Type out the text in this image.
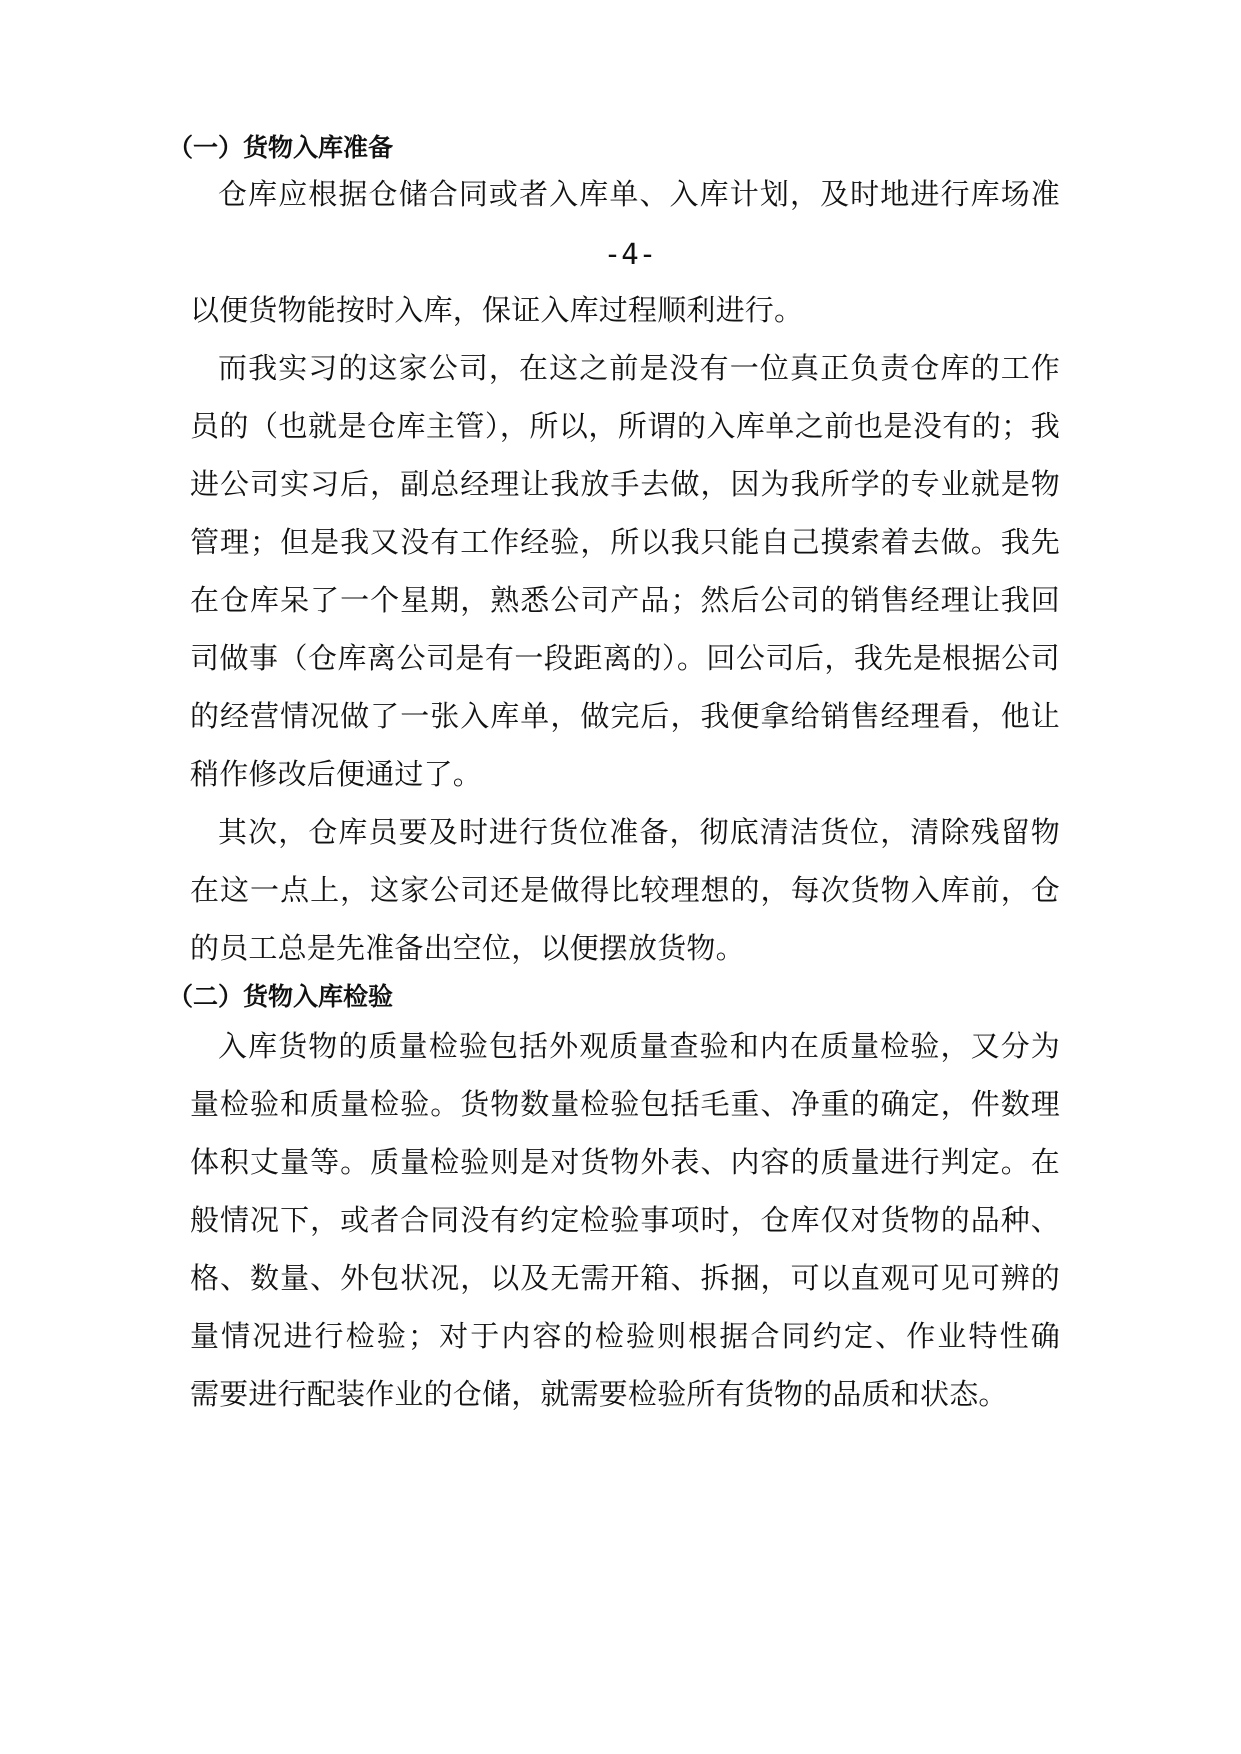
（一）货物入库准备
仓库应根据仓储合同或者入库单、入库计划，及时地进行库场准
-4-
以便货物能按时入库，保证入库过程顺利进行。
而我实习的这家公司，在这之前是没有一位真正负责仓库的工作
员的（也就是仓库主管），所以，所谓的入库单之前也是没有的；我
进公司实习后，副总经理让我放手去做，因为我所学的专业就是物
管理；但是我又没有工作经验，所以我只能自己摸索着去做。我先
在仓库呆了一个星期，熟悉公司产品；然后公司的销售经理让我回
司做事（仓库离公司是有一段距离的）。回公司后，我先是根据公司
的经营情况做了一张入库单，做完后，我便拿给销售经理看，他让
稍作修改后便通过了。
其次，仓库员要及时进行货位准备，彻底清洁货位，清除残留物
在这一点上，这家公司还是做得比较理想的，每次货物入库前，仓
的员工总是先准备出空位，以便摆放货物。
（二）货物入库检验
入库货物的质量检验包括外观质量查验和内在质量检验，又分为
量检验和质量检验。货物数量检验包括毛重、净重的确定，件数理
体积丈量等。质量检验则是对货物外表、内容的质量进行判定。在
般情况下，或者合同没有约定检验事项时，仓库仅对货物的品种、
格、数量、外包状况，以及无需开箱、拆捆，可以直观可见可辨的
量情况进行检验；对于内容的检验则根据合同约定、作业特性确
需要进行配装作业的仓储，就需要检验所有货物的品质和状态。
